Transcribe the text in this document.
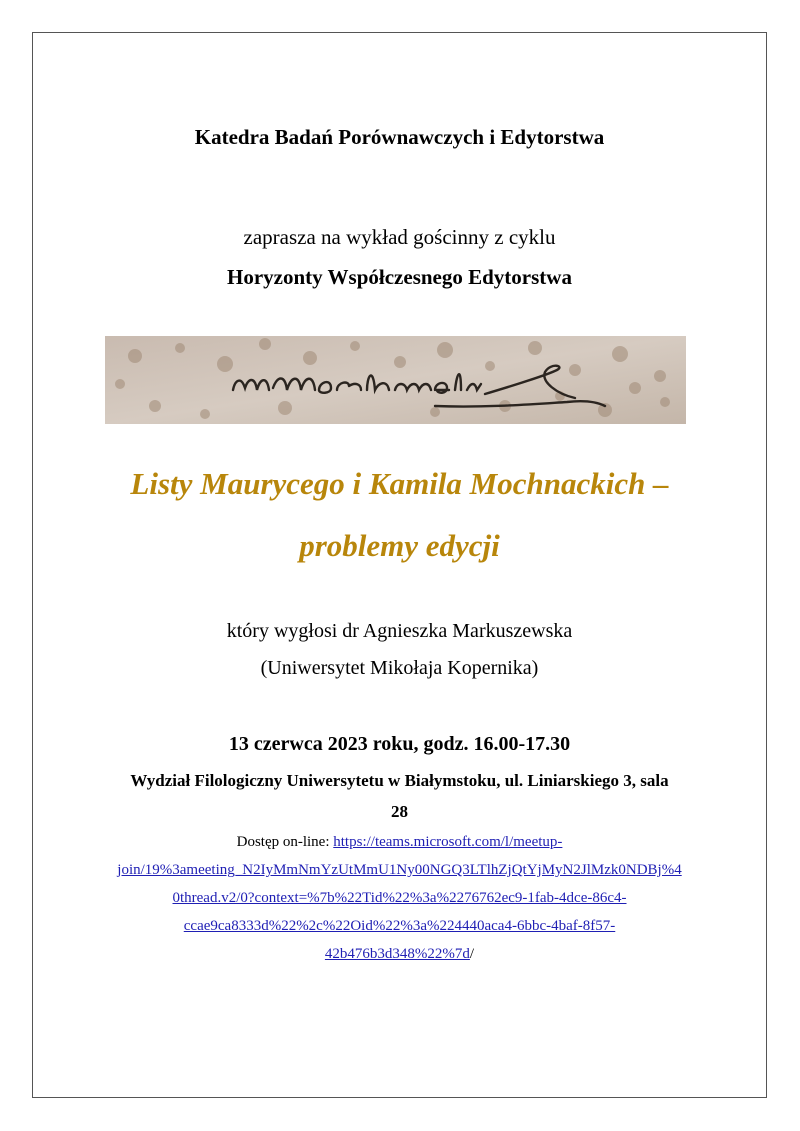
Katedra Badań Porównawczych i Edytorstwa
zaprasza na wykład gościnny z cyklu
Horyzonty Współczesnego Edytorstwa
Listy Maurycego i Kamila Mochnackich –
problemy edycji
który wygłosi dr Agnieszka Markuszewska
(Uniwersytet Mikołaja Kopernika)
13 czerwca 2023 roku, godz. 16.00-17.30
Wydział Filologiczny Uniwersytetu w Białymstoku, ul. Liniarskiego 3, sala
28
Dostęp on-line: https://teams.microsoft.com/l/meetup-
join/19%3ameeting_N2IyMmNmYzUtMmU1Ny00NGQ3LTlhZjQtYjMyN2JlMzk0NDBj%4
0thread.v2/0?context=%7b%22Tid%22%3a%2276762ec9-1fab-4dce-86c4-
ccae9ca8333d%22%2c%22Oid%22%3a%224440aca4-6bbc-4baf-8f57-
42b476b3d348%22%7d/
